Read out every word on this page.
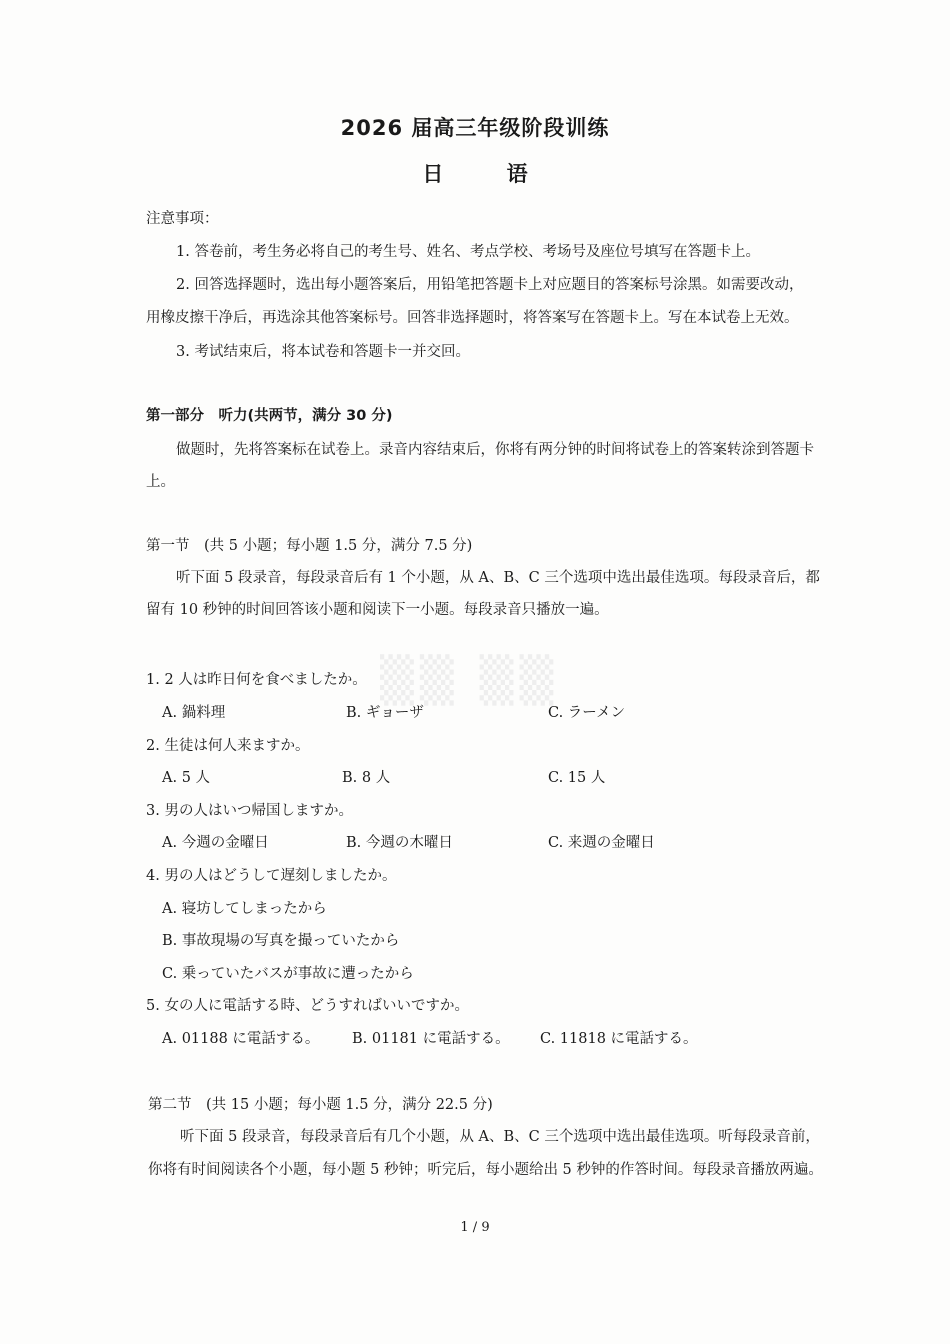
▒▒ ▒▒
2026 届高三年级阶段训练
日 语
注意事项：
1. 答卷前，考生务必将自己的考生号、姓名、考点学校、考场号及座位号填写在答题卡上。
2. 回答选择题时，选出每小题答案后，用铅笔把答题卡上对应题目的答案标号涂黑。如需要改动，
用橡皮擦干净后，再选涂其他答案标号。回答非选择题时，将答案写在答题卡上。写在本试卷上无效。
3. 考试结束后，将本试卷和答题卡一并交回。
第一部分　听力(共两节，满分 30 分)
做题时，先将答案标在试卷上。录音内容结束后，你将有两分钟的时间将试卷上的答案转涂到答题卡
上。
第一节　(共 5 小题；每小题 1.5 分，满分 7.5 分)
听下面 5 段录音，每段录音后有 1 个小题，从 A、B、C 三个选项中选出最佳选项。每段录音后，都
留有 10 秒钟的时间回答该小题和阅读下一小题。每段录音只播放一遍。
1. 2 人は昨日何を食べましたか。
A. 鍋料理	B. ギョーザ	C. ラーメン
2. 生徒は何人来ますか。
A. 5 人	B. 8 人	C. 15 人
3. 男の人はいつ帰国しますか。
A. 今週の金曜日	B. 今週の木曜日	C. 来週の金曜日
4. 男の人はどうして遅刻しましたか。
A. 寝坊してしまったから
B. 事故現場の写真を撮っていたから
C. 乗っていたバスが事故に遭ったから
5. 女の人に電話する時、どうすればいいですか。
A. 01188 に電話する。 B. 01181 に電話する。 C. 11818 に電話する。
第二节　(共 15 小题；每小题 1.5 分，满分 22.5 分)
听下面 5 段录音，每段录音后有几个小题，从 A、B、C 三个选项中选出最佳选项。听每段录音前，
你将有时间阅读各个小题，每小题 5 秒钟；听完后，每小题给出 5 秒钟的作答时间。每段录音播放两遍。
1 / 9
